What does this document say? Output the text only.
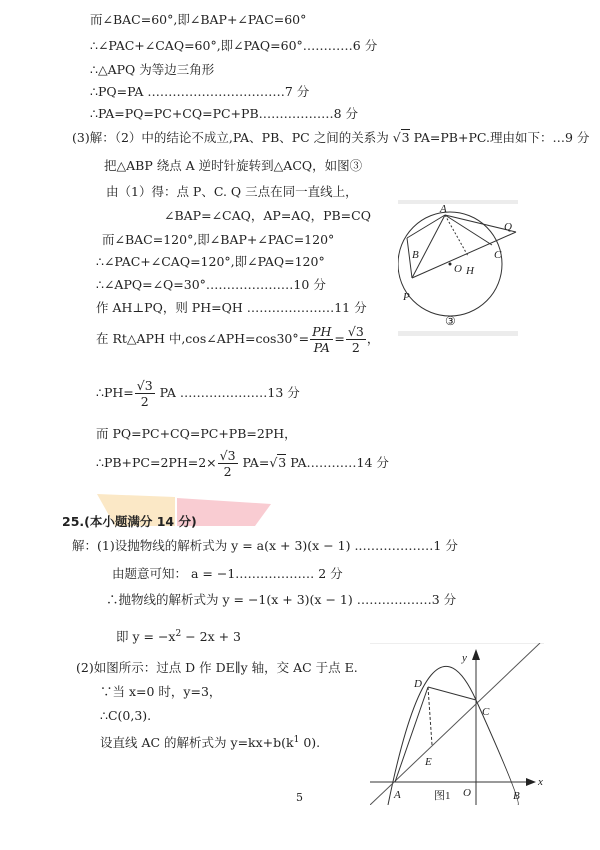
而∠BAC=60°,即∠BAP+∠PAC=60°
∴∠PAC+∠CAQ=60°,即∠PAQ=60°…………6 分
∴△APQ 为等边三角形
∴PQ=PA ……………………………7 分
∴PA=PQ=PC+CQ=PC+PB………………8 分
(3)解：（2）中的结论不成立,PA、PB、PC 之间的关系为 √3 PA=PB+PC.理由如下：…9 分
把△ABP 绕点 A 逆时针旋转到△ACQ，如图③
由（1）得：点 P、C. Q 三点在同一直线上，
∠BAP=∠CAQ，AP=AQ，PB=CQ
而∠BAC=120°,即∠BAP+∠PAC=120°
∴∠PAC+∠CAQ=120°,即∠PAQ=120°
∴∠APQ=∠Q=30°…………………10 分
作 AH⊥PQ，则 PH=QH …………………11 分
在 Rt△APH 中,cos∠APH=cos30°= $\frac{PH}{PA} = \frac{√3}{2}$ ，
∴PH= $\frac{√3}{2}$ PA …………………13 分
而 PQ=PC+CQ=PC+PB=2PH，
∴PB+PC=2PH=2× $\frac{√3}{2} PA=√3$ PA…………14 分
25.(本小题满分 14 分)
解：(1)设抛物线的解析式为 y = a(x + 3)(x − 1) .………………1 分
由题意可知： a = −1.……………… 2 分
∴抛物线的解析式为 y = −1(x + 3)(x − 1) ………………3 分
即 $y = -x^2 - 2x + 3$
(2)如图所示：过点 D 作 DE∥y 轴，交 AC 于点 E.
∵当 x=0 时，y=3，
∴C(0,3).
设直线 AC 的解析式为 $y=kx+b(k^1$ 0).
5
A
B	C
Q
O H
P
③
y
x
D
C
E
A	O	B
图1
